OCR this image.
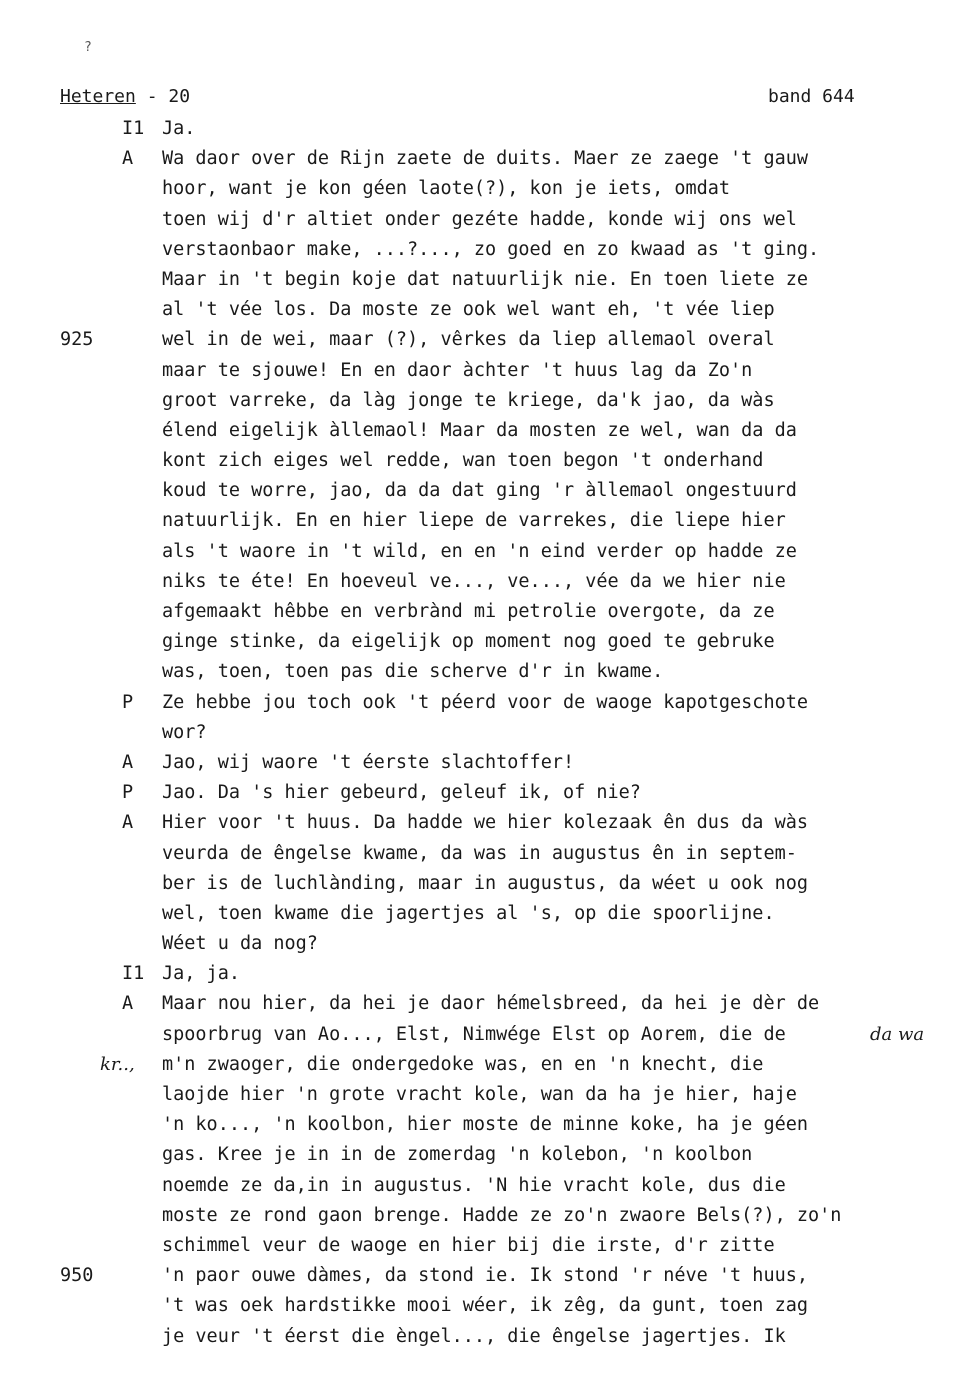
?
Heteren - 20	band 644
I1 Ja.
A Wa daor over de Rijn zaete de duits. Maer ze zaege 't gauw
hoor, want je kon géen laote(?), kon je iets, omdat
toen wij d'r altiet onder gezéte hadde, konde wij ons wel
verstaonbaor make, ...?..., zo goed en zo kwaad as 't ging.
Maar in 't begin koje dat natuurlijk nie. En toen liete ze
al 't vée los. Da moste ze ook wel want eh, 't vée liep
925	wel in de wei, maar (?), vêrkes da liep allemaol overal
maar te sjouwe! En en daor àchter 't huus lag da Zo'n
groot varreke, da làg jonge te kriege, da'k jao, da wàs
élend eigelijk àllemaol! Maar da mosten ze wel, wan da da
kont zich eiges wel redde, wan toen begon 't onderhand
koud te worre, jao, da da dat ging 'r àllemaol ongestuurd
natuurlijk. En en hier liepe de varrekes, die liepe hier
als 't waore in 't wild, en en 'n eind verder op hadde ze
niks te éte! En hoeveul ve..., ve..., vée da we hier nie
afgemaakt hêbbe en verbrànd mi petrolie overgote, da ze
ginge stinke, da eigelijk op moment nog goed te gebruke
was, toen, toen pas die scherve d'r in kwame.
P Ze hebbe jou toch ook 't péerd voor de waoge kapotgeschote
wor?
A Jao, wij waore 't éerste slachtoffer!
P Jao. Da 's hier gebeurd, geleuf ik, of nie?
A Hier voor 't huus. Da hadde we hier kolezaak ên dus da wàs
veurda de êngelse kwame, da was in augustus ên in septem-
ber is de luchlànding, maar in augustus, da wéet u ook nog
wel, toen kwame die jagertjes al 's, op die spoorlijne.
Wéet u da nog?
I1 Ja, ja.
A Maar nou hier, da hei je daor hémelsbreed, da hei je dèr de
spoorbrug van Ao..., Elst, Nimwége Elst op Aorem, die de	da wa
kr.., m'n zwaoger, die ondergedoke was, en en 'n knecht, die
laojde hier 'n grote vracht kole, wan da ha je hier, haje
'n ko..., 'n koolbon, hier moste de minne koke, ha je géen
gas. Kree je in in de zomerdag 'n kolebon, 'n koolbon
noemde ze da,in in augustus. 'N hie vracht kole, dus die
moste ze rond gaon brenge. Hadde ze zo'n zwaore Bels(?), zo'n
schimmel veur de waoge en hier bij die irste, d'r zitte
950	'n paor ouwe dàmes, da stond ie. Ik stond 'r néve 't huus,
't was oek hardstikke mooi wéer, ik zêg, da gunt, toen zag
je veur 't éerst die èngel..., die êngelse jagertjes. Ik
